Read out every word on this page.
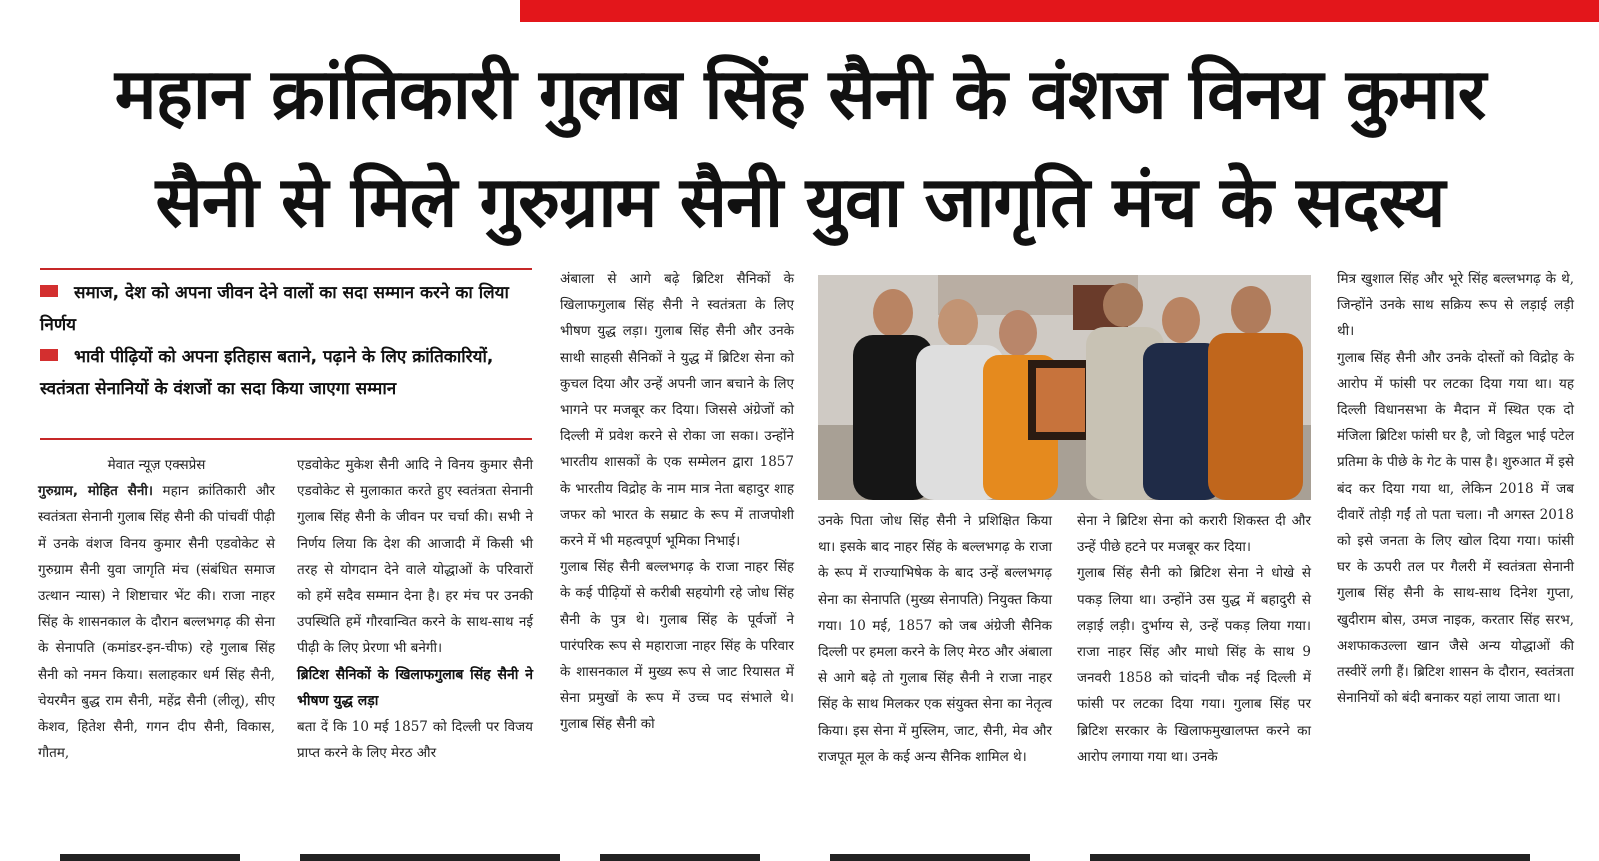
महान क्रांतिकारी गुलाब सिंह सैनी के वंशज विनय कुमार
सैनी से मिले गुरुग्राम सैनी युवा जागृति मंच के सदस्य
समाज, देश को अपना जीवन देने वालों का सदा सम्मान करने का लिया निर्णय
भावी पीढ़ियों को अपना इतिहास बताने, पढ़ाने के लिए क्रांतिकारियों, स्वतंत्रता सेनानियों के वंशजों का सदा किया जाएगा सम्मान
मेवात न्यूज़ एक्सप्रेस

गुरुग्राम, मोहित सैनी। महान क्रांतिकारी और स्वतंत्रता सेनानी गुलाब सिंह सैनी की पांचवीं पीढ़ी में उनके वंशज विनय कुमार सैनी एडवोकेट से गुरुग्राम सैनी युवा जागृति मंच (संबंधित समाज उत्थान न्यास) ने शिष्टाचार भेंट की। राजा नाहर सिंह के शासनकाल के दौरान बल्लभगढ़ की सेना के सेनापति (कमांडर-इन-चीफ) रहे गुलाब सिंह सैनी को नमन किया। सलाहकार धर्म सिंह सैनी, चेयरमैन बुद्ध राम सैनी, महेंद्र सैनी (लीलू), सीए केशव, हितेश सैनी, गगन दीप सैनी, विकास, गौतम,

एडवोकेट मुकेश सैनी आदि ने विनय कुमार सैनी एडवोकेट से मुलाकात करते हुए स्वतंत्रता सेनानी गुलाब सिंह सैनी के जीवन पर चर्चा की। सभी ने निर्णय लिया कि देश की आजादी में किसी भी तरह से योगदान देने वाले योद्धाओं के परिवारों को हमें सदैव सम्मान देना है। हर मंच पर उनकी उपस्थिति हमें गौरवान्वित करने के साथ-साथ नई पीढ़ी के लिए प्रेरणा भी बनेगी।

ब्रिटिश सैनिकों के खिलाफगुलाब सिंह सैनी ने भीषण युद्ध लड़ा

बता दें कि 10 मई 1857 को दिल्ली पर विजय प्राप्त करने के लिए मेरठ और

अंबाला से आगे बढ़े ब्रिटिश सैनिकों के खिलाफगुलाब सिंह सैनी ने स्वतंत्रता के लिए भीषण युद्ध लड़ा। गुलाब सिंह सैनी और उनके साथी साहसी सैनिकों ने युद्ध में ब्रिटिश सेना को कुचल दिया और उन्हें अपनी जान बचाने के लिए भागने पर मजबूर कर दिया। जिससे अंग्रेजों को दिल्ली में प्रवेश करने से रोका जा सका। उन्होंने भारतीय शासकों के एक सम्मेलन द्वारा 1857 के भारतीय विद्रोह के नाम मात्र नेता बहादुर शाह जफर को भारत के सम्राट के रूप में ताजपोशी करने में भी महत्वपूर्ण भूमिका निभाई।

गुलाब सिंह सैनी बल्लभगढ़ के राजा नाहर सिंह के कई पीढ़ियों से करीबी सहयोगी रहे जोध सिंह सैनी के पुत्र थे। गुलाब सिंह के पूर्वजों ने पारंपरिक रूप से महाराजा नाहर सिंह के परिवार के शासनकाल में मुख्य रूप से जाट रियासत में सेना प्रमुखों के रूप में उच्च पद संभाले थे। गुलाब सिंह सैनी को

उनके पिता जोध सिंह सैनी ने प्रशिक्षित किया था। इसके बाद नाहर सिंह के बल्लभगढ़ के राजा के रूप में राज्याभिषेक के बाद उन्हें बल्लभगढ़ सेना का सेनापति (मुख्य सेनापति) नियुक्त किया गया। 10 मई, 1857 को जब अंग्रेजी सैनिक दिल्ली पर हमला करने के लिए मेरठ और अंबाला से आगे बढ़े तो गुलाब सिंह सैनी ने राजा नाहर सिंह के साथ मिलकर एक संयुक्त सेना का नेतृत्व किया। इस सेना में मुस्लिम, जाट, सैनी, मेव और राजपूत मूल के कई अन्य सैनिक शामिल थे।

सेना ने ब्रिटिश सेना को करारी शिकस्त दी और उन्हें पीछे हटने पर मजबूर कर दिया।

गुलाब सिंह सैनी को ब्रिटिश सेना ने धोखे से पकड़ लिया था। उन्होंने उस युद्ध में बहादुरी से लड़ाई लड़ी। दुर्भाग्य से, उन्हें पकड़ लिया गया। राजा नाहर सिंह और माधो सिंह के साथ 9 जनवरी 1858 को चांदनी चौक नई दिल्ली में फांसी पर लटका दिया गया। गुलाब सिंह पर ब्रिटिश सरकार के खिलाफमुखालफ्त करने का आरोप लगाया गया था। उनके

मित्र खुशाल सिंह और भूरे सिंह बल्लभगढ़ के थे, जिन्होंने उनके साथ सक्रिय रूप से लड़ाई लड़ी थी।

गुलाब सिंह सैनी और उनके दोस्तों को विद्रोह के आरोप में फांसी पर लटका दिया गया था। यह दिल्ली विधानसभा के मैदान में स्थित एक दो मंजिला ब्रिटिश फांसी घर है, जो विट्ठल भाई पटेल प्रतिमा के पीछे के गेट के पास है। शुरुआत में इसे बंद कर दिया गया था, लेकिन 2018 में जब दीवारें तोड़ी गईं तो पता चला। नौ अगस्त 2018 को इसे जनता के लिए खोल दिया गया। फांसी घर के ऊपरी तल पर गैलरी में स्वतंत्रता सेनानी गुलाब सिंह सैनी के साथ-साथ दिनेश गुप्ता, खुदीराम बोस, उमज नाइक, करतार सिंह सरभ, अशफाकउल्ला खान जैसे अन्य योद्धाओं की तस्वीरें लगी हैं। ब्रिटिश शासन के दौरान, स्वतंत्रता सेनानियों को बंदी बनाकर यहां लाया जाता था।
